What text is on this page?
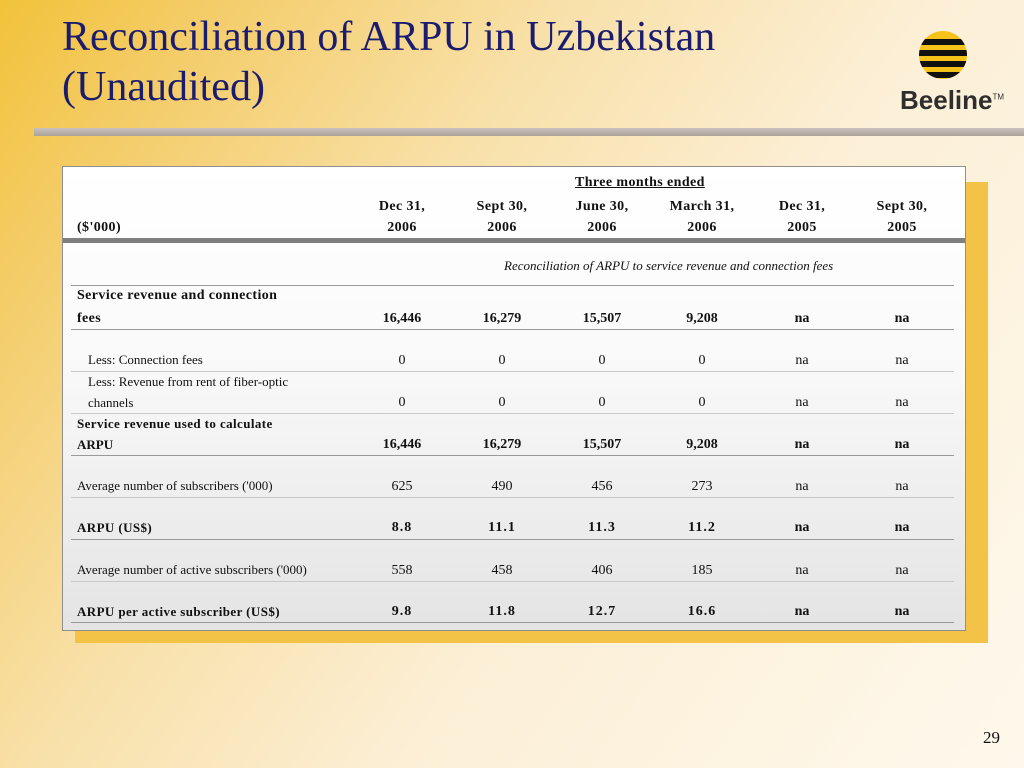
Reconciliation of ARPU in Uzbekistan
(Unaudited)	Beeline™
Three months ended
Dec 31,	Sept 30,	June 30,	March 31,	Dec 31,	Sept 30,
($'000)	2006	2006	2006	2006	2005	2005
Reconciliation of ARPU to service revenue and connection fees
Service revenue and connection
fees	16,446	16,279	15,507	9,208	na	na
Less: Connection fees	0	0	0	0	na	na
Less: Revenue from rent of fiber-optic
channels	0	0	0	0	na	na
Service revenue used to calculate
ARPU	16,446	16,279	15,507	9,208	na	na
Average number of subscribers ('000)	625	490	456	273	na	na
ARPU (US$)	8.8	11.1	11.3	11.2	na	na
Average number of active subscribers ('000)	558	458	406	185	na	na
ARPU per active subscriber (US$)	9.8	11.8	12.7	16.6	na	na
29
